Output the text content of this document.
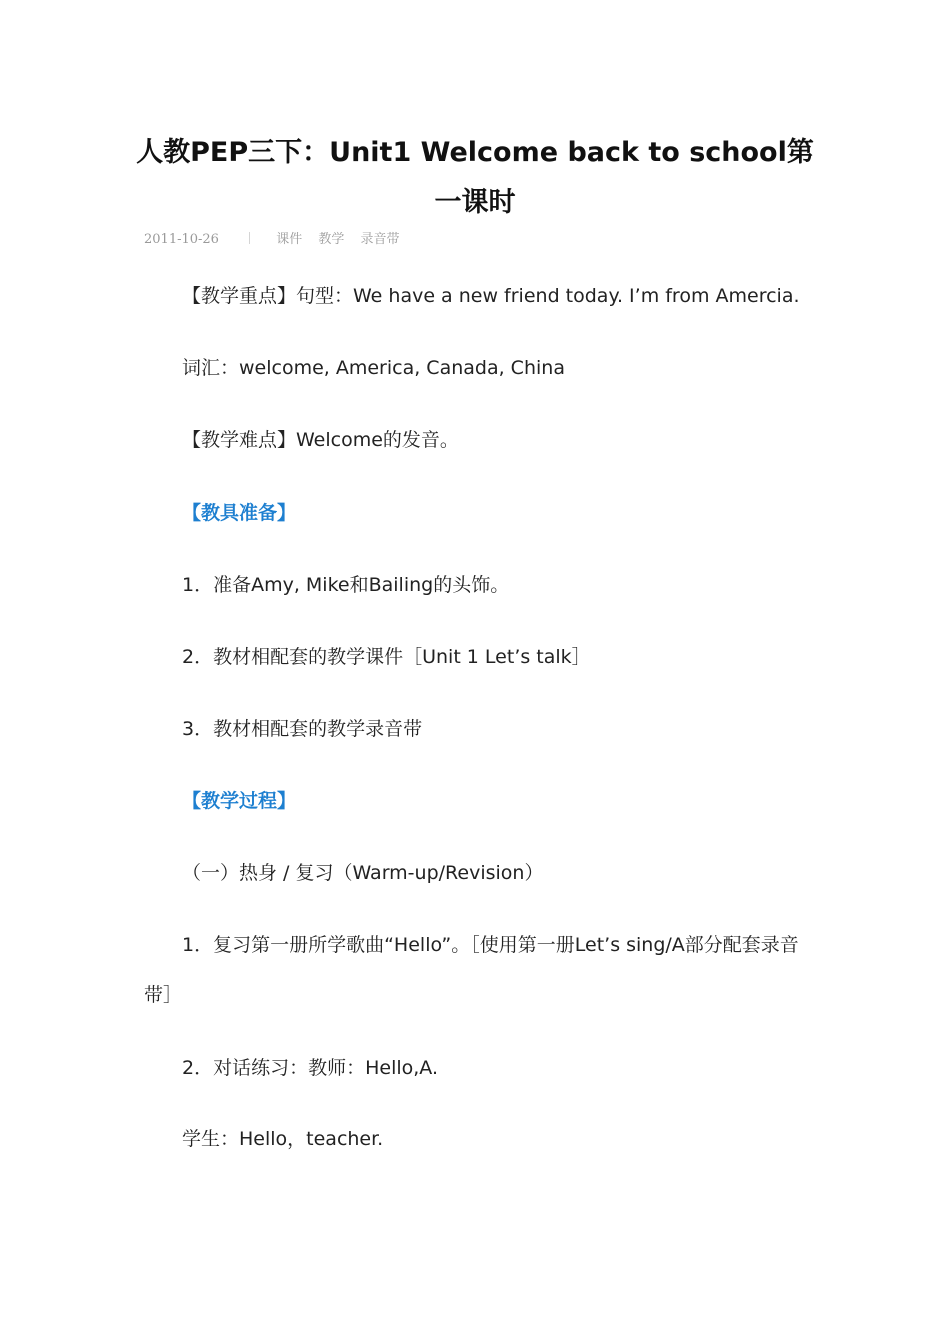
人教PEP三下：Unit1 Welcome back to school第一课时
2011-10-26	课件 教学 录音带

【教学重点】句型：We have a new friend today. I’m from Amercia.

词汇：welcome, America, Canada, China

【教学难点】Welcome的发音。

【教具准备】

1．准备Amy, Mike和Bailing的头饰。

2．教材相配套的教学课件［Unit 1 Let’s talk］

3．教材相配套的教学录音带

【教学过程】

（一）热身 / 复习（Warm-up/Revision）

1．复习第一册所学歌曲“Hello”。［使用第一册Let’s sing/A部分配套录音带］

2．对话练习：教师：Hello,A.

学生：Hello，teacher.
